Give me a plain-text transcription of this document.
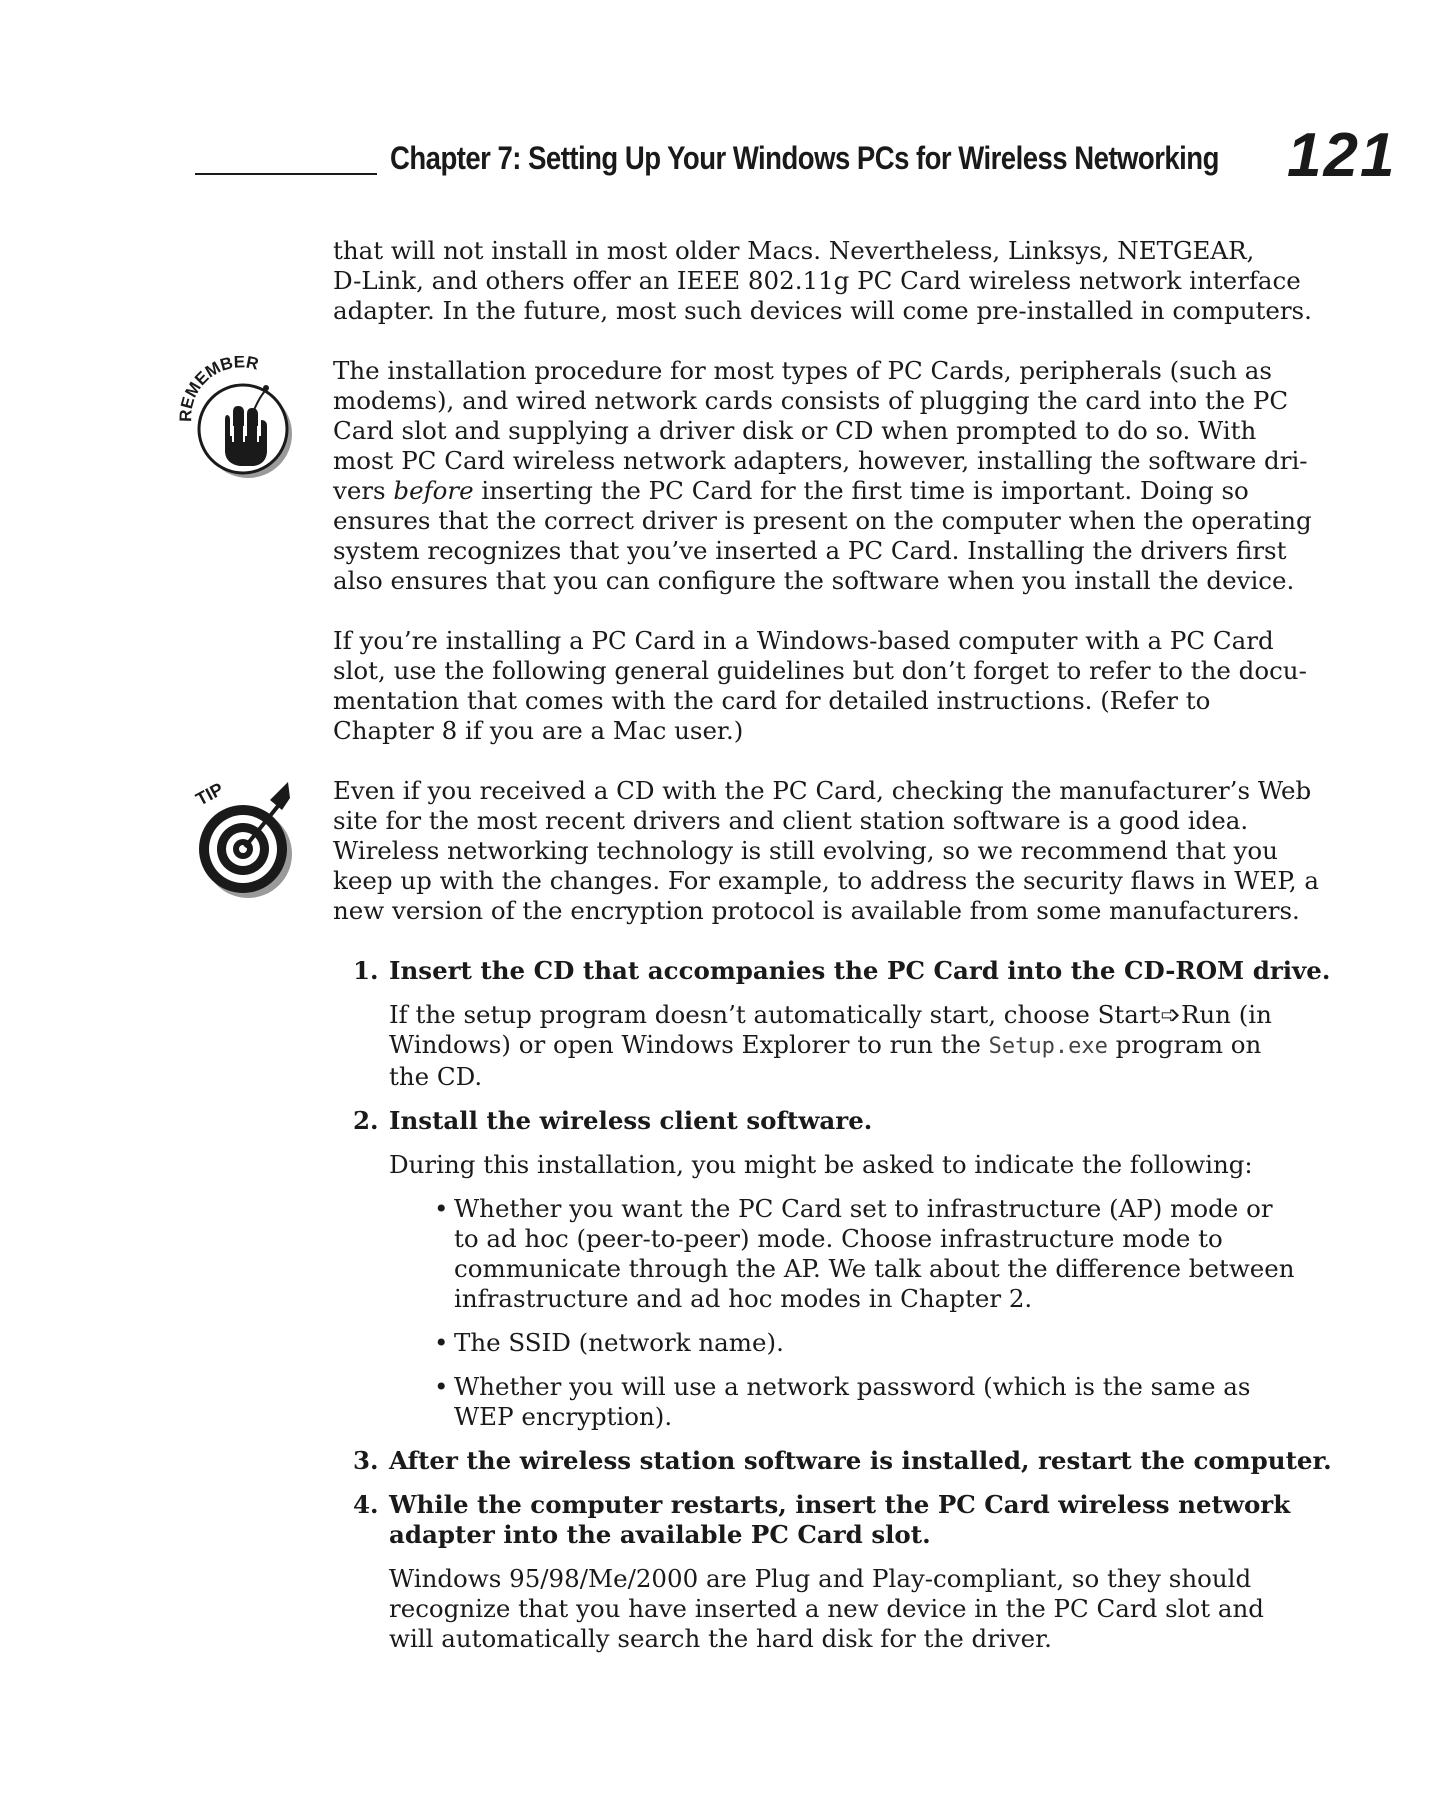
Chapter 7: Setting Up Your Windows PCs for Wireless Networking 121
REMEMBER
TIP

that will not install in most older Macs. Nevertheless, Linksys, NETGEAR,
D-Link, and others offer an IEEE 802.11g PC Card wireless network interface
adapter. In the future, most such devices will come pre-installed in computers.

The installation procedure for most types of PC Cards, peripherals (such as
modems), and wired network cards consists of plugging the card into the PC
Card slot and supplying a driver disk or CD when prompted to do so. With
most PC Card wireless network adapters, however, installing the software dri-
vers before inserting the PC Card for the first time is important. Doing so
ensures that the correct driver is present on the computer when the operating
system recognizes that you’ve inserted a PC Card. Installing the drivers first
also ensures that you can configure the software when you install the device.

If you’re installing a PC Card in a Windows-based computer with a PC Card
slot, use the following general guidelines but don’t forget to refer to the docu-
mentation that comes with the card for detailed instructions. (Refer to
Chapter 8 if you are a Mac user.)

Even if you received a CD with the PC Card, checking the manufacturer’s Web
site for the most recent drivers and client station software is a good idea.
Wireless networking technology is still evolving, so we recommend that you
keep up with the changes. For example, to address the security flaws in WEP, a
new version of the encryption protocol is available from some manufacturers.

1. Insert the CD that accompanies the PC Card into the CD-ROM drive.
If the setup program doesn’t automatically start, choose Start➩Run (in
Windows) or open Windows Explorer to run the Setup.exe program on
the CD.
2. Install the wireless client software.
During this installation, you might be asked to indicate the following:
• Whether you want the PC Card set to infrastructure (AP) mode or
to ad hoc (peer-to-peer) mode. Choose infrastructure mode to
communicate through the AP. We talk about the difference between
infrastructure and ad hoc modes in Chapter 2.
• The SSID (network name).
• Whether you will use a network password (which is the same as
WEP encryption).
3. After the wireless station software is installed, restart the computer.
4. While the computer restarts, insert the PC Card wireless network
adapter into the available PC Card slot.
Windows 95/98/Me/2000 are Plug and Play-compliant, so they should
recognize that you have inserted a new device in the PC Card slot and
will automatically search the hard disk for the driver.
